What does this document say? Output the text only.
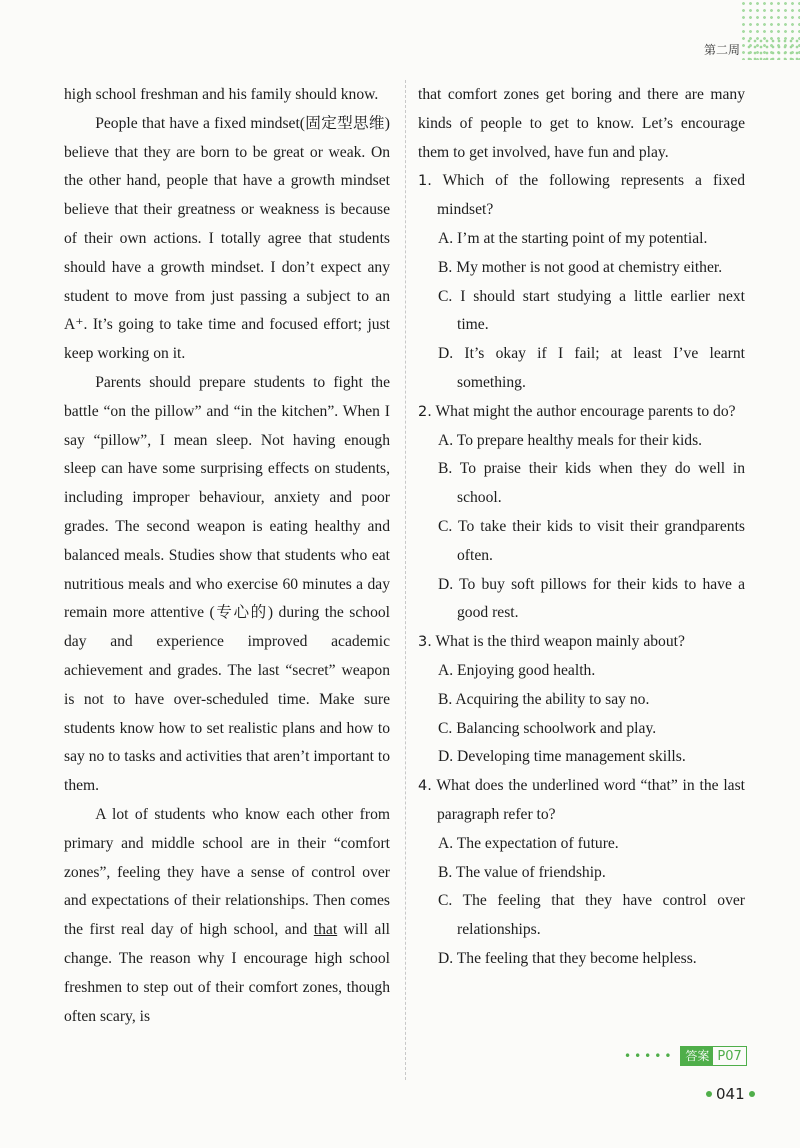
第二周

high school freshman and his family should know.

People that have a fixed mindset(固定型思维) believe that they are born to be great or weak. On the other hand, people that have a growth mindset believe that their greatness or weakness is because of their own actions. I totally agree that students should have a growth mindset. I don’t expect any student to move from just passing a subject to an A⁺. It’s going to take time and focused effort; just keep working on it.

Parents should prepare students to fight the battle “on the pillow” and “in the kitchen”. When I say “pillow”, I mean sleep. Not having enough sleep can have some surprising effects on students, including improper behaviour, anxiety and poor grades. The second weapon is eating healthy and balanced meals. Studies show that students who eat nutritious meals and who exercise 60 minutes a day remain more attentive (专心的) during the school day and experience improved academic achievement and grades. The last “secret” weapon is not to have over-scheduled time. Make sure students know how to set realistic plans and how to say no to tasks and activities that aren’t important to them.

A lot of students who know each other from primary and middle school are in their “comfort zones”, feeling they have a sense of control over and expectations of their relationships. Then comes the first real day of high school, and that will all change. The reason why I encourage high school freshmen to step out of their comfort zones, though often scary, is

that comfort zones get boring and there are many kinds of people to get to know. Let’s encourage them to get involved, have fun and play.

1. Which of the following represents a fixed mindset?

A. I’m at the starting point of my potential.

B. My mother is not good at chemistry either.

C. I should start studying a little earlier next time.

D. It’s okay if I fail; at least I’ve learnt something.

2. What might the author encourage parents to do?

A. To prepare healthy meals for their kids.

B. To praise their kids when they do well in school.

C. To take their kids to visit their grandparents often.

D. To buy soft pillows for their kids to have a good rest.

3. What is the third weapon mainly about?

A. Enjoying good health.

B. Acquiring the ability to say no.

C. Balancing schoolwork and play.

D. Developing time management skills.

4. What does the underlined word “that” in the last paragraph refer to?

A. The expectation of future.

B. The value of friendship.

C. The feeling that they have control over relationships.

D. The feeling that they become helpless.

••••• 答案 P07
041
